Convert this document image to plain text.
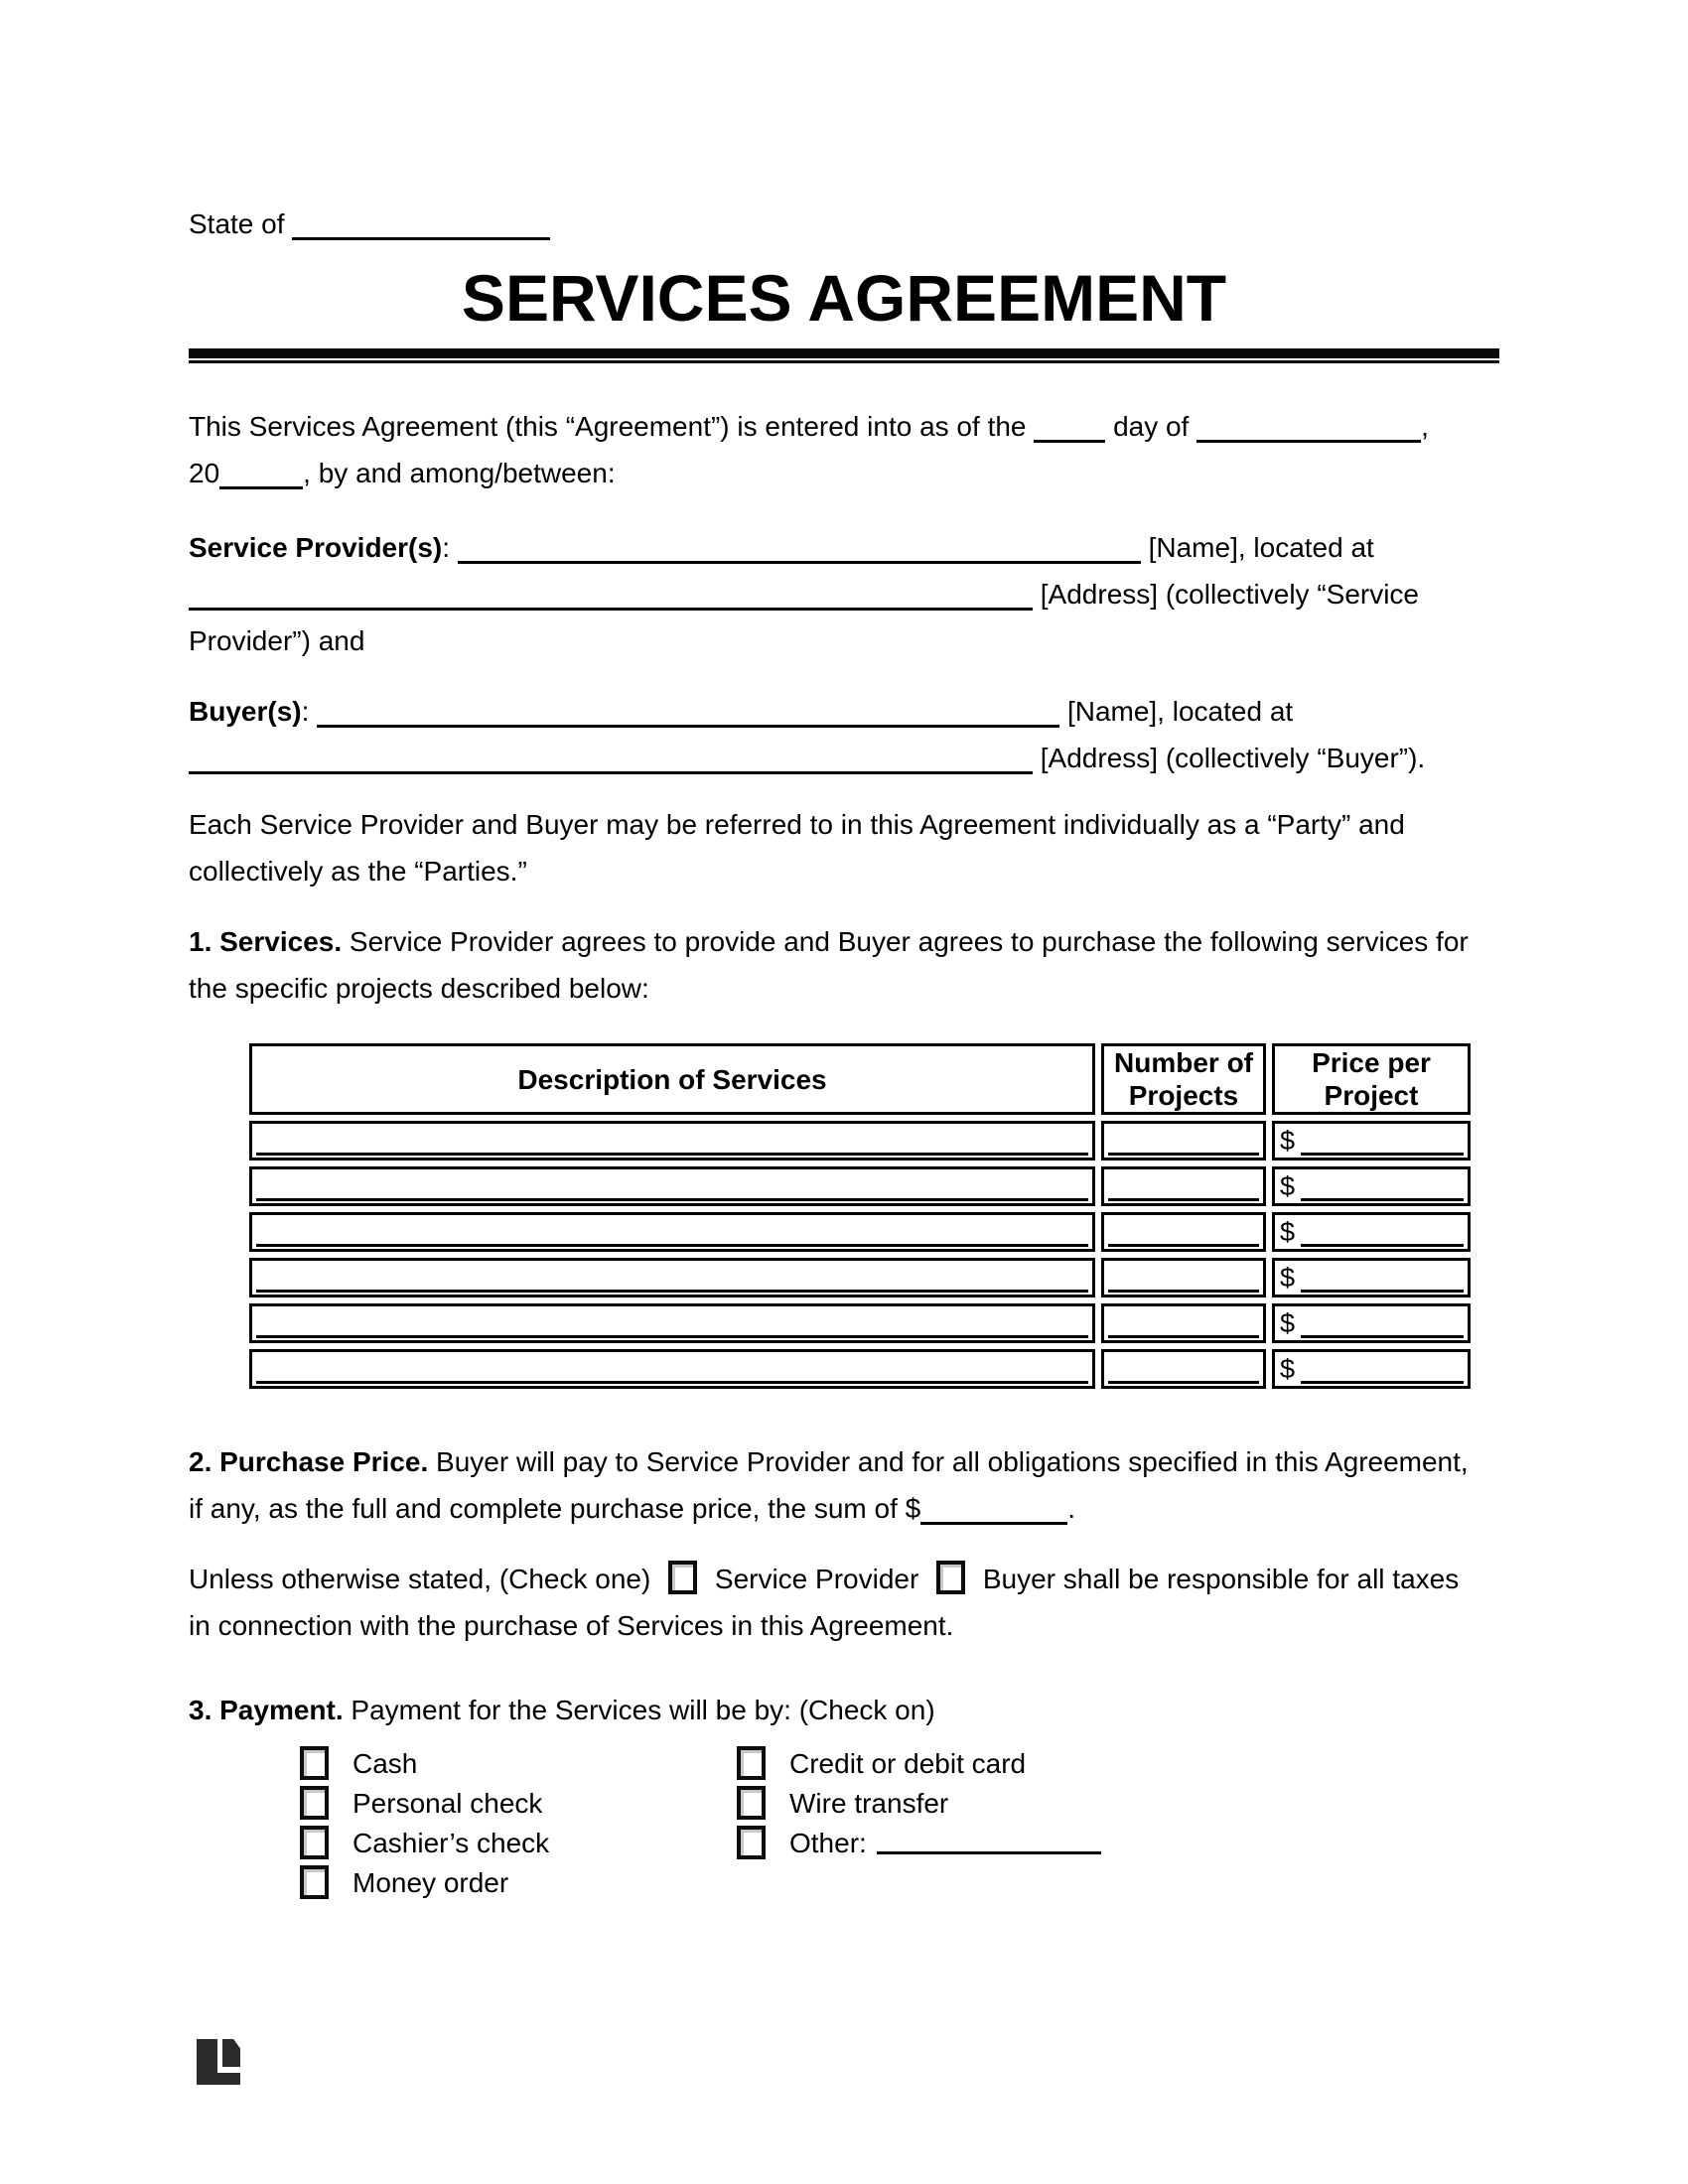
State of
SERVICES AGREEMENT

This Services Agreement (this “Agreement”) is entered into as of the	day of	,
20	, by and among/between:

Service Provider(s):	[Name], located at
[Address] (collectively “Service
Provider”) and

Buyer(s):	[Name], located at
[Address] (collectively “Buyer”).

Each Service Provider and Buyer may be referred to in this Agreement individually as a “Party” and
collectively as the “Parties.”

1. Services. Service Provider agrees to provide and Buyer agrees to purchase the following services for
the specific projects described below:

Description of Services	Number of Projects	Price per Project

		$

		$

		$

		$

		$

		$

2. Purchase Price. Buyer will pay to Service Provider and for all obligations specified in this Agreement,
if any, as the full and complete purchase price, the sum of $	.

Unless otherwise stated, (Check one) Service Provider Buyer shall be responsible for all taxes
in connection with the purchase of Services in this Agreement.

3. Payment. Payment for the Services will be by: (Check on)

Cash
Personal check
Cashier’s check
Money order
Credit or debit card
Wire transfer
Other:
